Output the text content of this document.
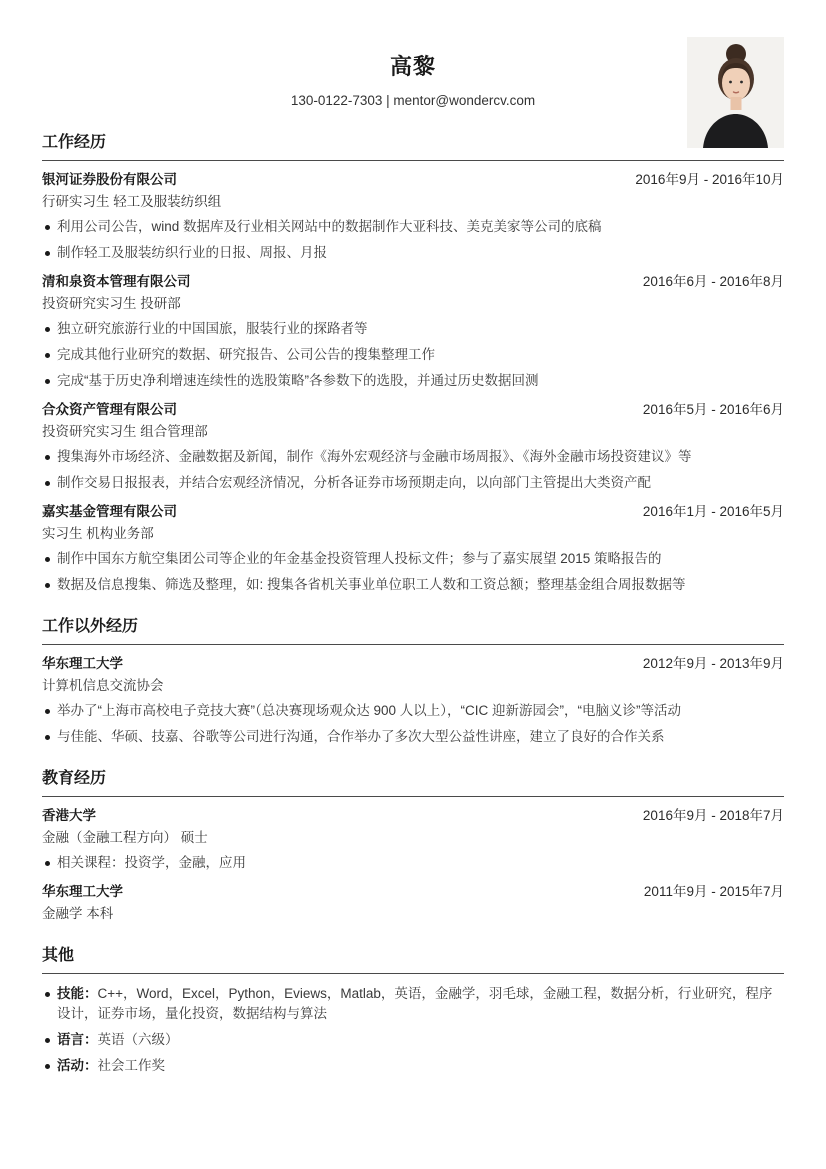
高黎
130-0122-7303 | mentor@wondercv.com
工作经历
银河证券股份有限公司	2016年9月 - 2016年10月
行研实习生 轻工及服装纺织组
利用公司公告，wind 数据库及行业相关网站中的数据制作大亚科技、美克美家等公司的底稿
制作轻工及服装纺织行业的日报、周报、月报
清和泉资本管理有限公司	2016年6月 - 2016年8月
投资研究实习生 投研部
独立研究旅游行业的中国国旅，服装行业的探路者等
完成其他行业研究的数据、研究报告、公司公告的搜集整理工作
完成“基于历史净利增速连续性的选股策略”各参数下的选股，并通过历史数据回测
合众资产管理有限公司	2016年5月 - 2016年6月
投资研究实习生 组合管理部
搜集海外市场经济、金融数据及新闻，制作《海外宏观经济与金融市场周报》、《海外金融市场投资建议》等
制作交易日报报表，并结合宏观经济情况，分析各证券市场预期走向，以向部门主管提出大类资产配
嘉实基金管理有限公司	2016年1月 - 2016年5月
实习生 机构业务部
制作中国东方航空集团公司等企业的年金基金投资管理人投标文件；参与了嘉实展望 2015 策略报告的
数据及信息搜集、筛选及整理，如: 搜集各省机关事业单位职工人数和工资总额；整理基金组合周报数据等
工作以外经历
华东理工大学	2012年9月 - 2013年9月
计算机信息交流协会
举办了“上海市高校电子竞技大赛”（总决赛现场观众达 900 人以上），“CIC 迎新游园会”，“电脑义诊”等活动
与佳能、华硕、技嘉、谷歌等公司进行沟通，合作举办了多次大型公益性讲座，建立了良好的合作关系
教育经历
香港大学	2016年9月 - 2018年7月
金融（金融工程方向） 硕士
相关课程：投资学，金融，应用
华东理工大学	2011年9月 - 2015年7月
金融学 本科
其他
技能：C++，Word，Excel，Python，Eviews，Matlab，英语，金融学，羽毛球，金融工程，数据分析，行业研究，程序设计，证券市场，量化投资，数据结构与算法
语言：英语（六级）
活动：社会工作奖
